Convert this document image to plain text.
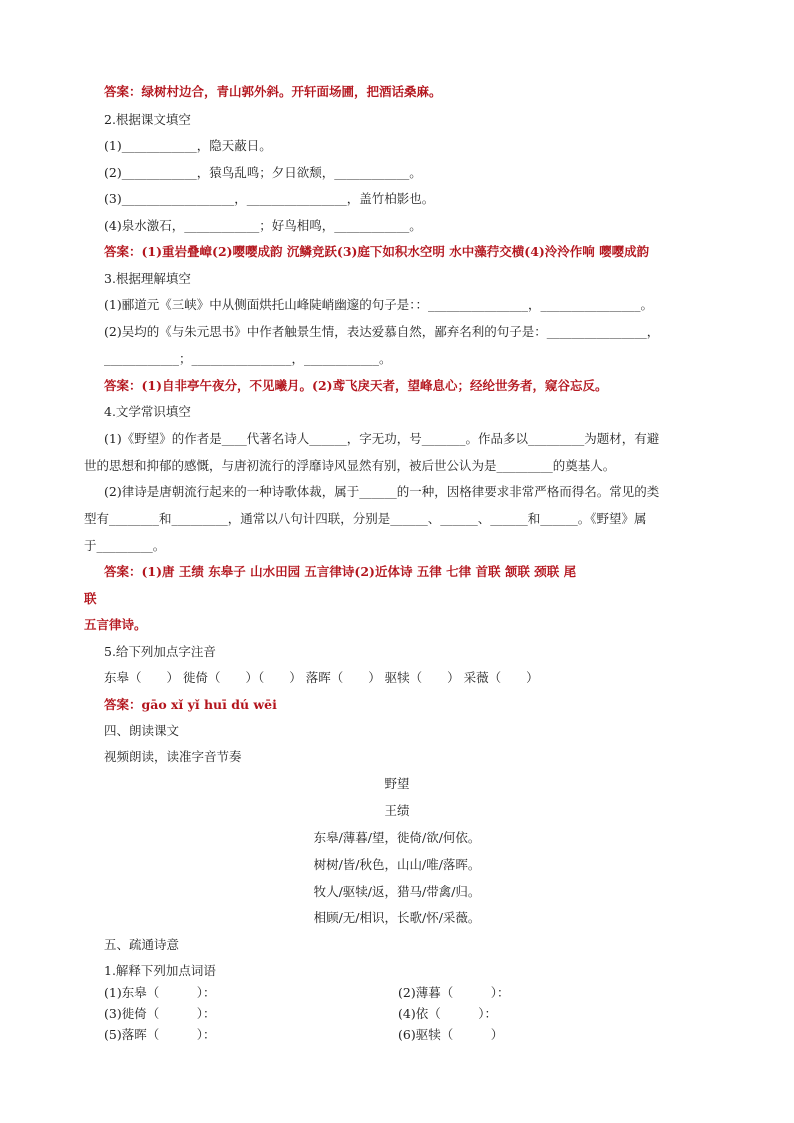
答案：绿树村边合，青山郭外斜。开轩面场圃，把酒话桑麻。
2.根据课文填空
(1)____________，隐天蔽日。
(2)____________，猿鸟乱鸣；夕日欲颓，____________。
(3)__________________，________________，盖竹柏影也。
(4)泉水激石，____________；好鸟相鸣，____________。
答案：(1)重岩叠嶂(2)嘤嘤成韵 沉鳞竞跃(3)庭下如积水空明 水中藻荇交横(4)泠泠作响 嘤嘤成韵
3.根据理解填空
(1)郦道元《三峡》中从侧面烘托山峰陡峭幽邃的句子是：：________________，________________。
(2)吴均的《与朱元思书》中作者触景生情，表达爱慕自然，鄙弃名利的句子是：________________，
____________；________________，____________。
答案：(1)自非亭午夜分，不见曦月。(2)鸢飞戾天者，望峰息心；经纶世务者，窥谷忘反。
4.文学常识填空
(1)《野望》的作者是____代著名诗人______，字无功，号_______。作品多以_________为题材，有避
世的思想和抑郁的感慨，与唐初流行的浮靡诗风显然有别，被后世公认为是_________的奠基人。
(2)律诗是唐朝流行起来的一种诗歌体裁，属于______的一种，因格律要求非常严格而得名。常见的类
型有________和_________，通常以八句计四联，分别是______、______、______和______。《野望》属
于_________。
答案：(1)唐 王绩 东皋子 山水田园 五言律诗(2)近体诗 五律 七律 首联 颔联 颈联 尾
联
五言律诗。
5.给下列加点字注音
东皋（　　） 徙倚（　　）（　　） 落晖（　　） 驱犊（　　） 采薇（　　）
答案：gāo xǐ yǐ huī dú wēi
四、朗读课文
视频朗读，读准字音节奏
野望
王绩
东皋/薄暮/望，徙倚/欲/何依。
树树/皆/秋色，山山/唯/落晖。
牧人/驱犊/返，猎马/带禽/归。
相顾/无/相识，长歌/怀/采薇。
五、疏通诗意
1.解释下列加点词语
(1)东皋（　　　）：	(2)薄暮（　　　）：
(3)徙倚（　　　）：	(4)依（　　　）：
(5)落晖（　　　）：	(6)驱犊（　　　）
